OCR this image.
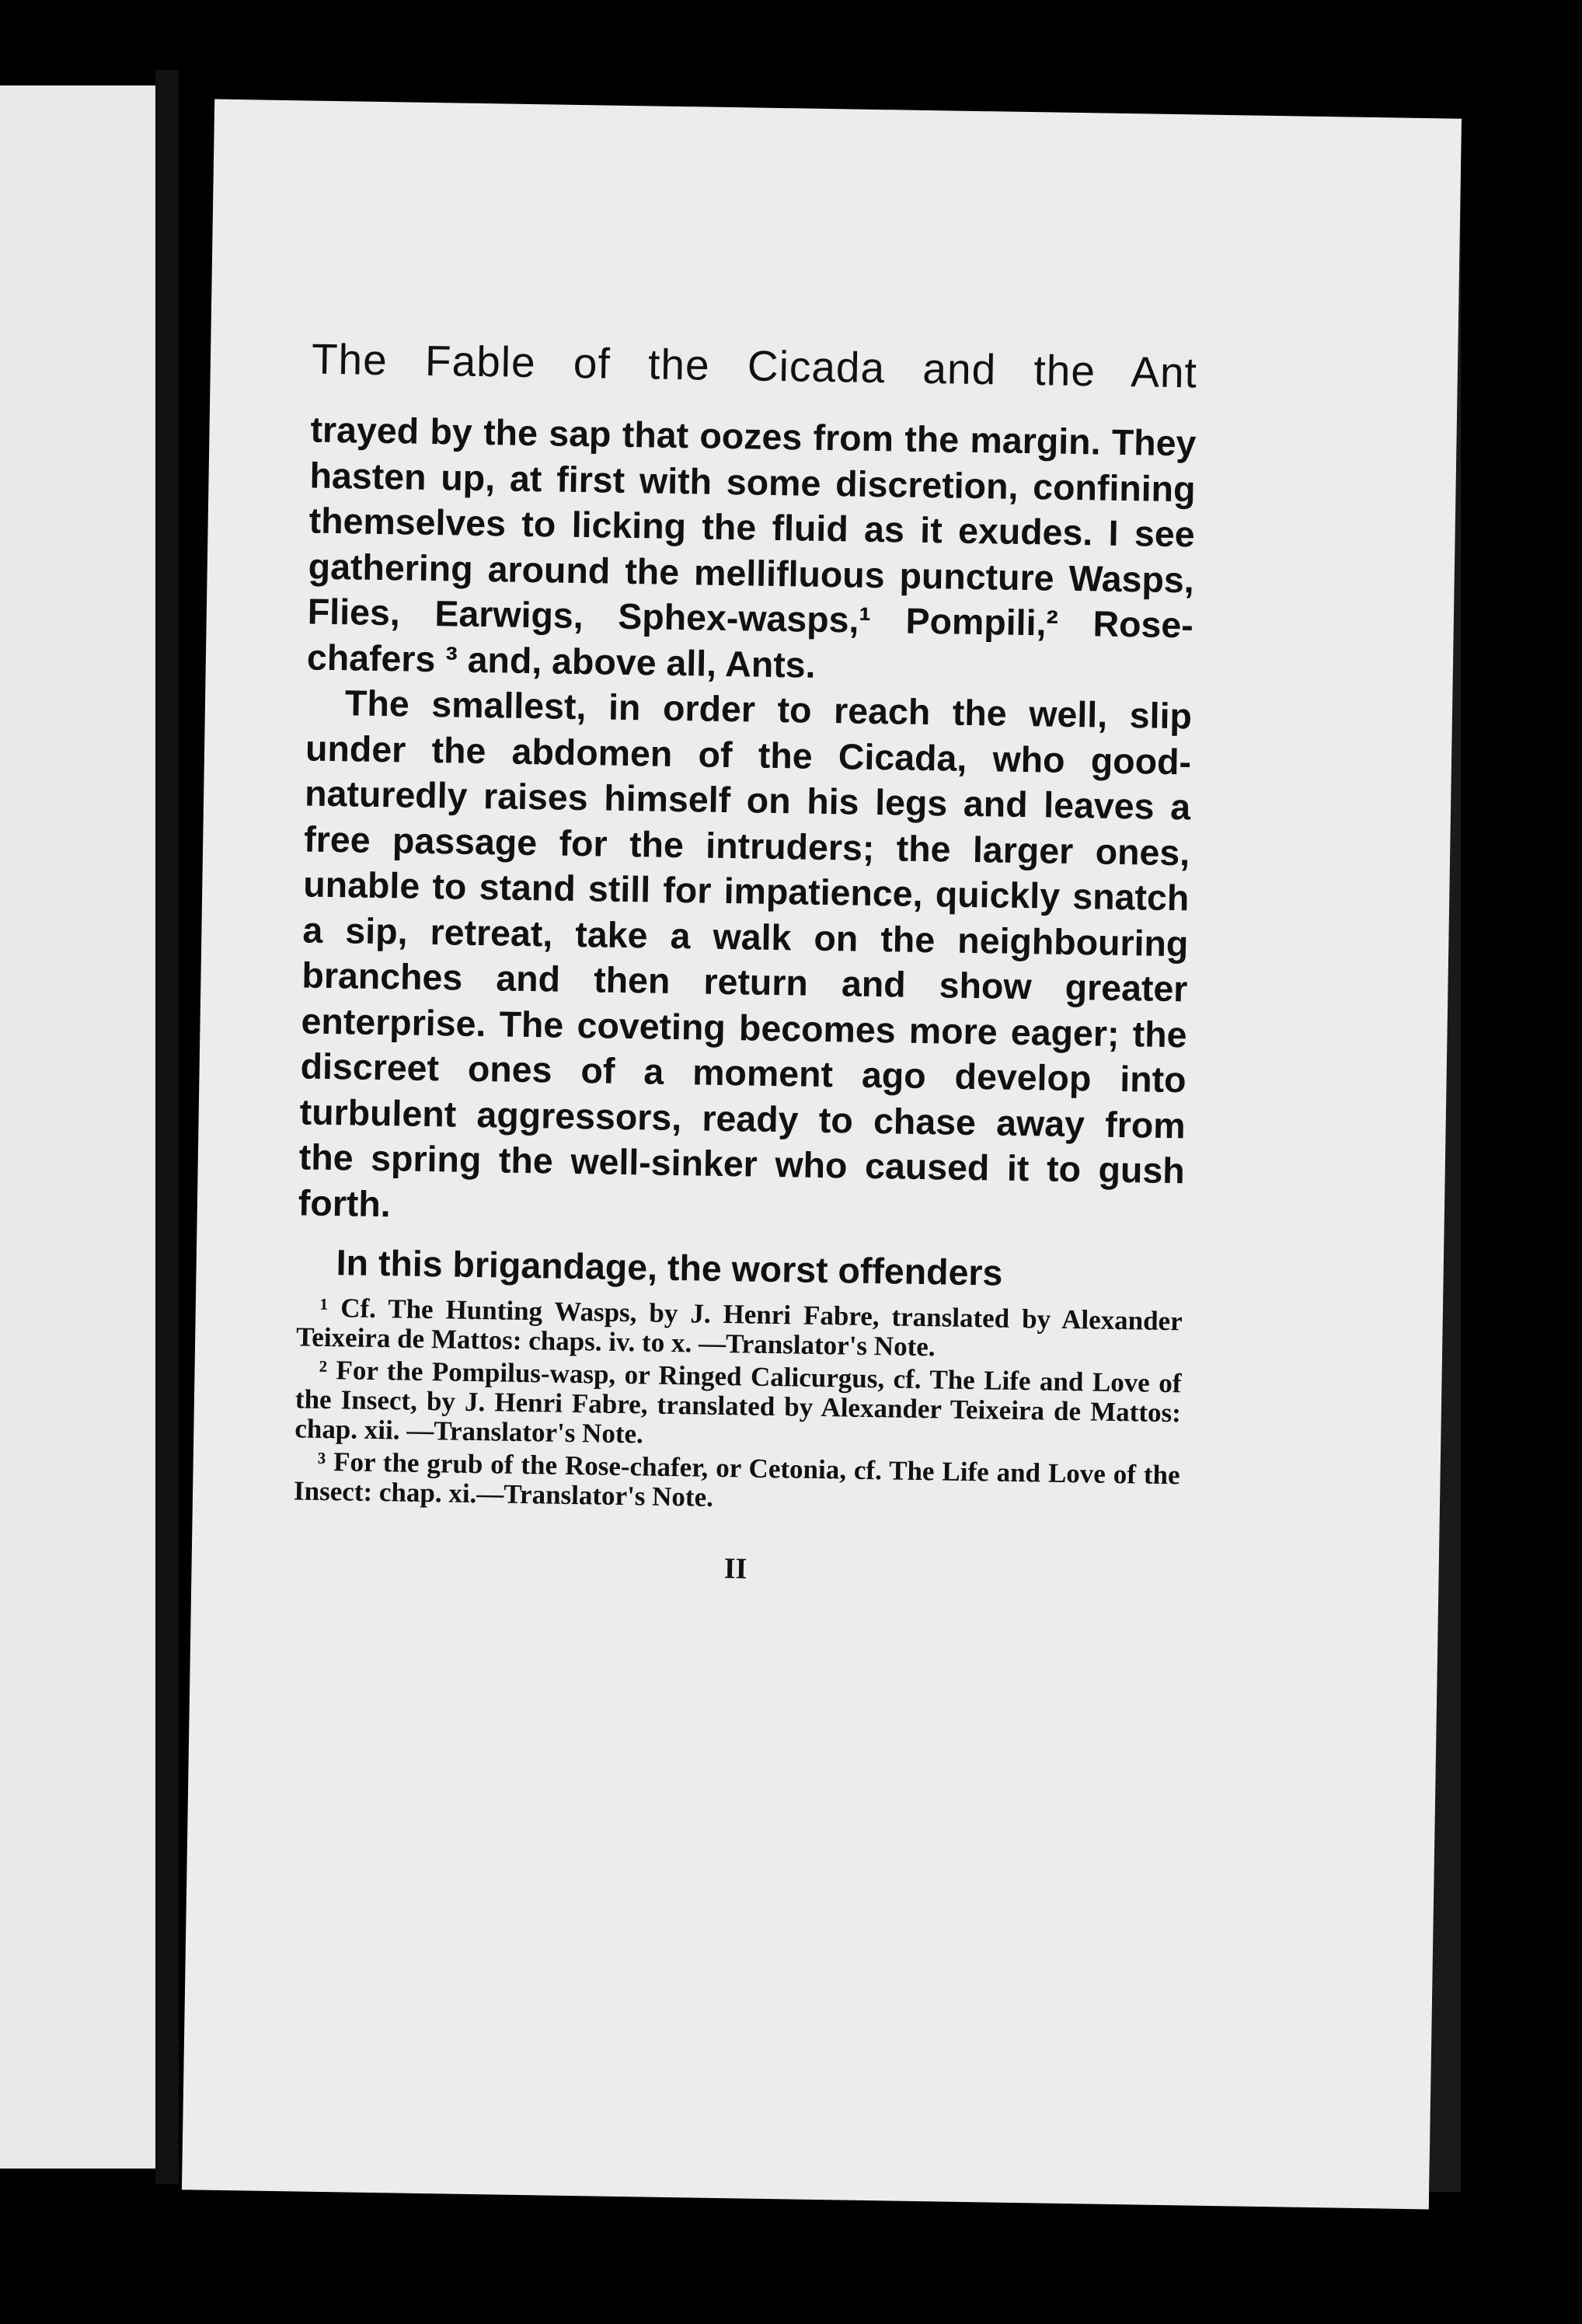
The Fable of the Cicada and the Ant

trayed by the sap that oozes from the margin. They hasten up, at first with some discretion, confining themselves to licking the fluid as it exudes. I see gathering around the mellifluous puncture Wasps, Flies, Earwigs, Sphex-wasps,¹ Pompili,² Rose-chafers ³ and, above all, Ants.

The smallest, in order to reach the well, slip under the abdomen of the Cicada, who good-naturedly raises himself on his legs and leaves a free passage for the intruders; the larger ones, unable to stand still for impatience, quickly snatch a sip, retreat, take a walk on the neighbouring branches and then return and show greater enterprise. The coveting becomes more eager; the discreet ones of a moment ago develop into turbulent aggressors, ready to chase away from the spring the well-sinker who caused it to gush forth.

In this brigandage, the worst offenders

¹ Cf. The Hunting Wasps, by J. Henri Fabre, translated by Alexander Teixeira de Mattos: chaps. iv. to x. —Translator's Note.

² For the Pompilus-wasp, or Ringed Calicurgus, cf. The Life and Love of the Insect, by J. Henri Fabre, translated by Alexander Teixeira de Mattos: chap. xii. —Translator's Note.

³ For the grub of the Rose-chafer, or Cetonia, cf. The Life and Love of the Insect: chap. xi.—Translator's Note.

II
